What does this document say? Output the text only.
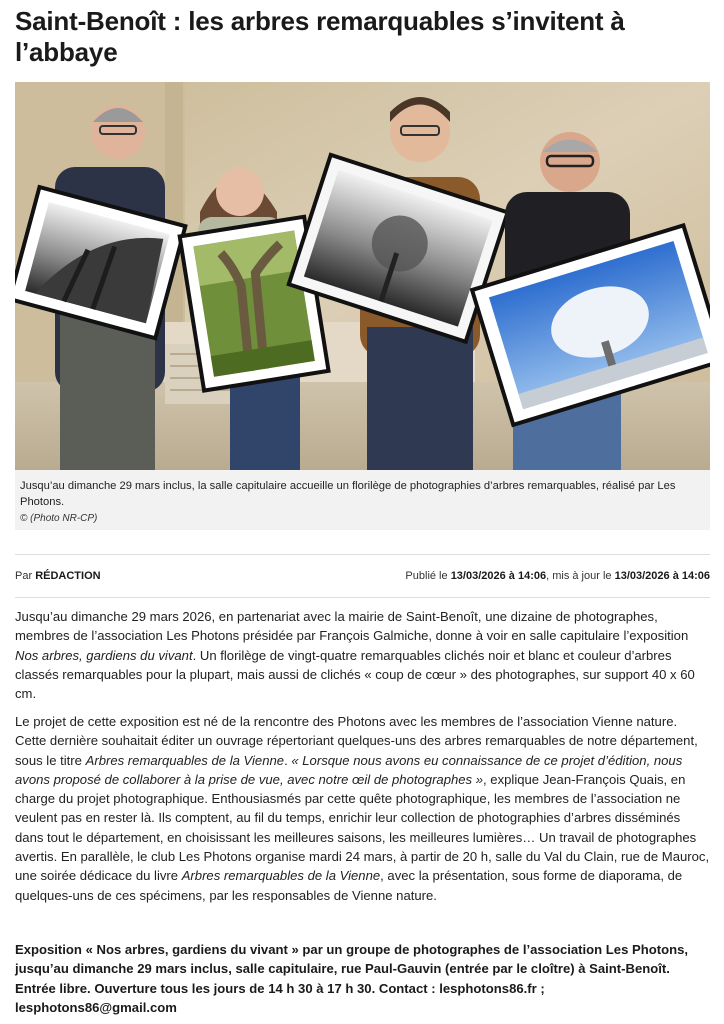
Saint-Benoît : les arbres remarquables s’invitent à l’abbaye
Jusqu’au dimanche 29 mars inclus, la salle capitulaire accueille un florilège de photographies d’arbres remarquables, réalisé par Les Photons.
© (Photo NR-CP)
Par RÉDACTION	Publié le 13/03/2026 à 14:06, mis à jour le 13/03/2026 à 14:06

Jusqu’au dimanche 29 mars 2026, en partenariat avec la mairie de Saint-Benoît, une dizaine de photographes, membres de l’association Les Photons présidée par François Galmiche, donne à voir en salle capitulaire l’exposition Nos arbres, gardiens du vivant. Un florilège de vingt-quatre remarquables clichés noir et blanc et couleur d’arbres classés remarquables pour la plupart, mais aussi de clichés « coup de cœur » des photographes, sur support 40 x 60 cm.

Le projet de cette exposition est né de la rencontre des Photons avec les membres de l’association Vienne nature. Cette dernière souhaitait éditer un ouvrage répertoriant quelques-uns des arbres remarquables de notre département, sous le titre Arbres remarquables de la Vienne. « Lorsque nous avons eu connaissance de ce projet d’édition, nous avons proposé de collaborer à la prise de vue, avec notre œil de photographes », explique Jean-François Quais, en charge du projet photographique. Enthousiasmés par cette quête photographique, les membres de l’association ne veulent pas en rester là. Ils comptent, au fil du temps, enrichir leur collection de photographies d’arbres disséminés dans tout le département, en choisissant les meilleures saisons, les meilleures lumières… Un travail de photographes avertis. En parallèle, le club Les Photons organise mardi 24 mars, à partir de 20 h, salle du Val du Clain, rue de Mauroc, une soirée dédicace du livre Arbres remarquables de la Vienne, avec la présentation, sous forme de diaporama, de quelques-uns de ces spécimens, par les responsables de Vienne nature.

Exposition « Nos arbres, gardiens du vivant » par un groupe de photographes de l’association Les Photons, jusqu’au dimanche 29 mars inclus, salle capitulaire, rue Paul-Gauvin (entrée par le cloître) à Saint-Benoît. Entrée libre. Ouverture tous les jours de 14 h 30 à 17 h 30. Contact : lesphotons86.fr ; lesphotons86@gmail.com
